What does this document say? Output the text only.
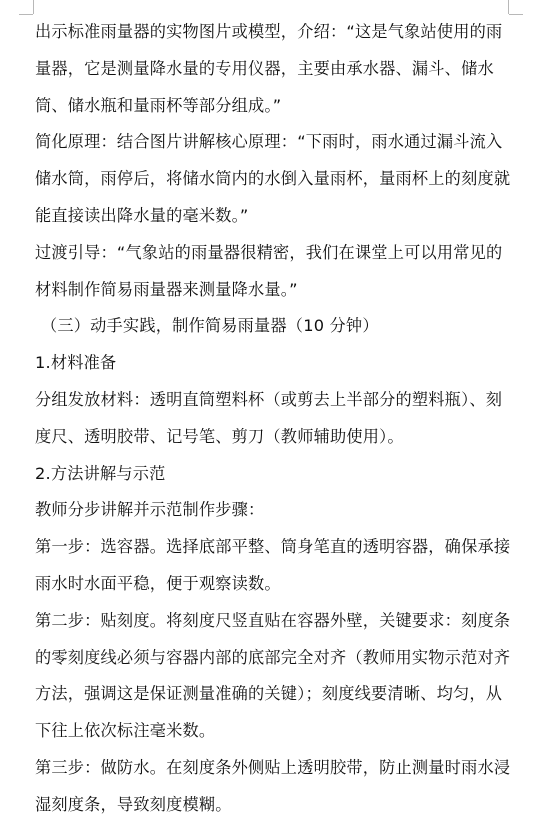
出示标准雨量器的实物图片或模型，介绍：“这是气象站使用的雨量器，它是测量降水量的专用仪器，主要由承水器、漏斗、储水筒、储水瓶和量雨杯等部分组成。”

简化原理：结合图片讲解核心原理：“下雨时，雨水通过漏斗流入储水筒，雨停后，将储水筒内的水倒入量雨杯，量雨杯上的刻度就能直接读出降水量的毫米数。”

过渡引导：“气象站的雨量器很精密，我们在课堂上可以用常见的材料制作简易雨量器来测量降水量。”

（三）动手实践，制作简易雨量器（10 分钟）

1.材料准备

分组发放材料：透明直筒塑料杯（或剪去上半部分的塑料瓶）、刻度尺、透明胶带、记号笔、剪刀（教师辅助使用）。

2.方法讲解与示范

教师分步讲解并示范制作步骤：

第一步：选容器。选择底部平整、筒身笔直的透明容器，确保承接雨水时水面平稳，便于观察读数。

第二步：贴刻度。将刻度尺竖直贴在容器外壁，关键要求：刻度条的零刻度线必须与容器内部的底部完全对齐（教师用实物示范对齐方法，强调这是保证测量准确的关键）；刻度线要清晰、均匀，从下往上依次标注毫米数。

第三步：做防水。在刻度条外侧贴上透明胶带，防止测量时雨水浸湿刻度条，导致刻度模糊。
